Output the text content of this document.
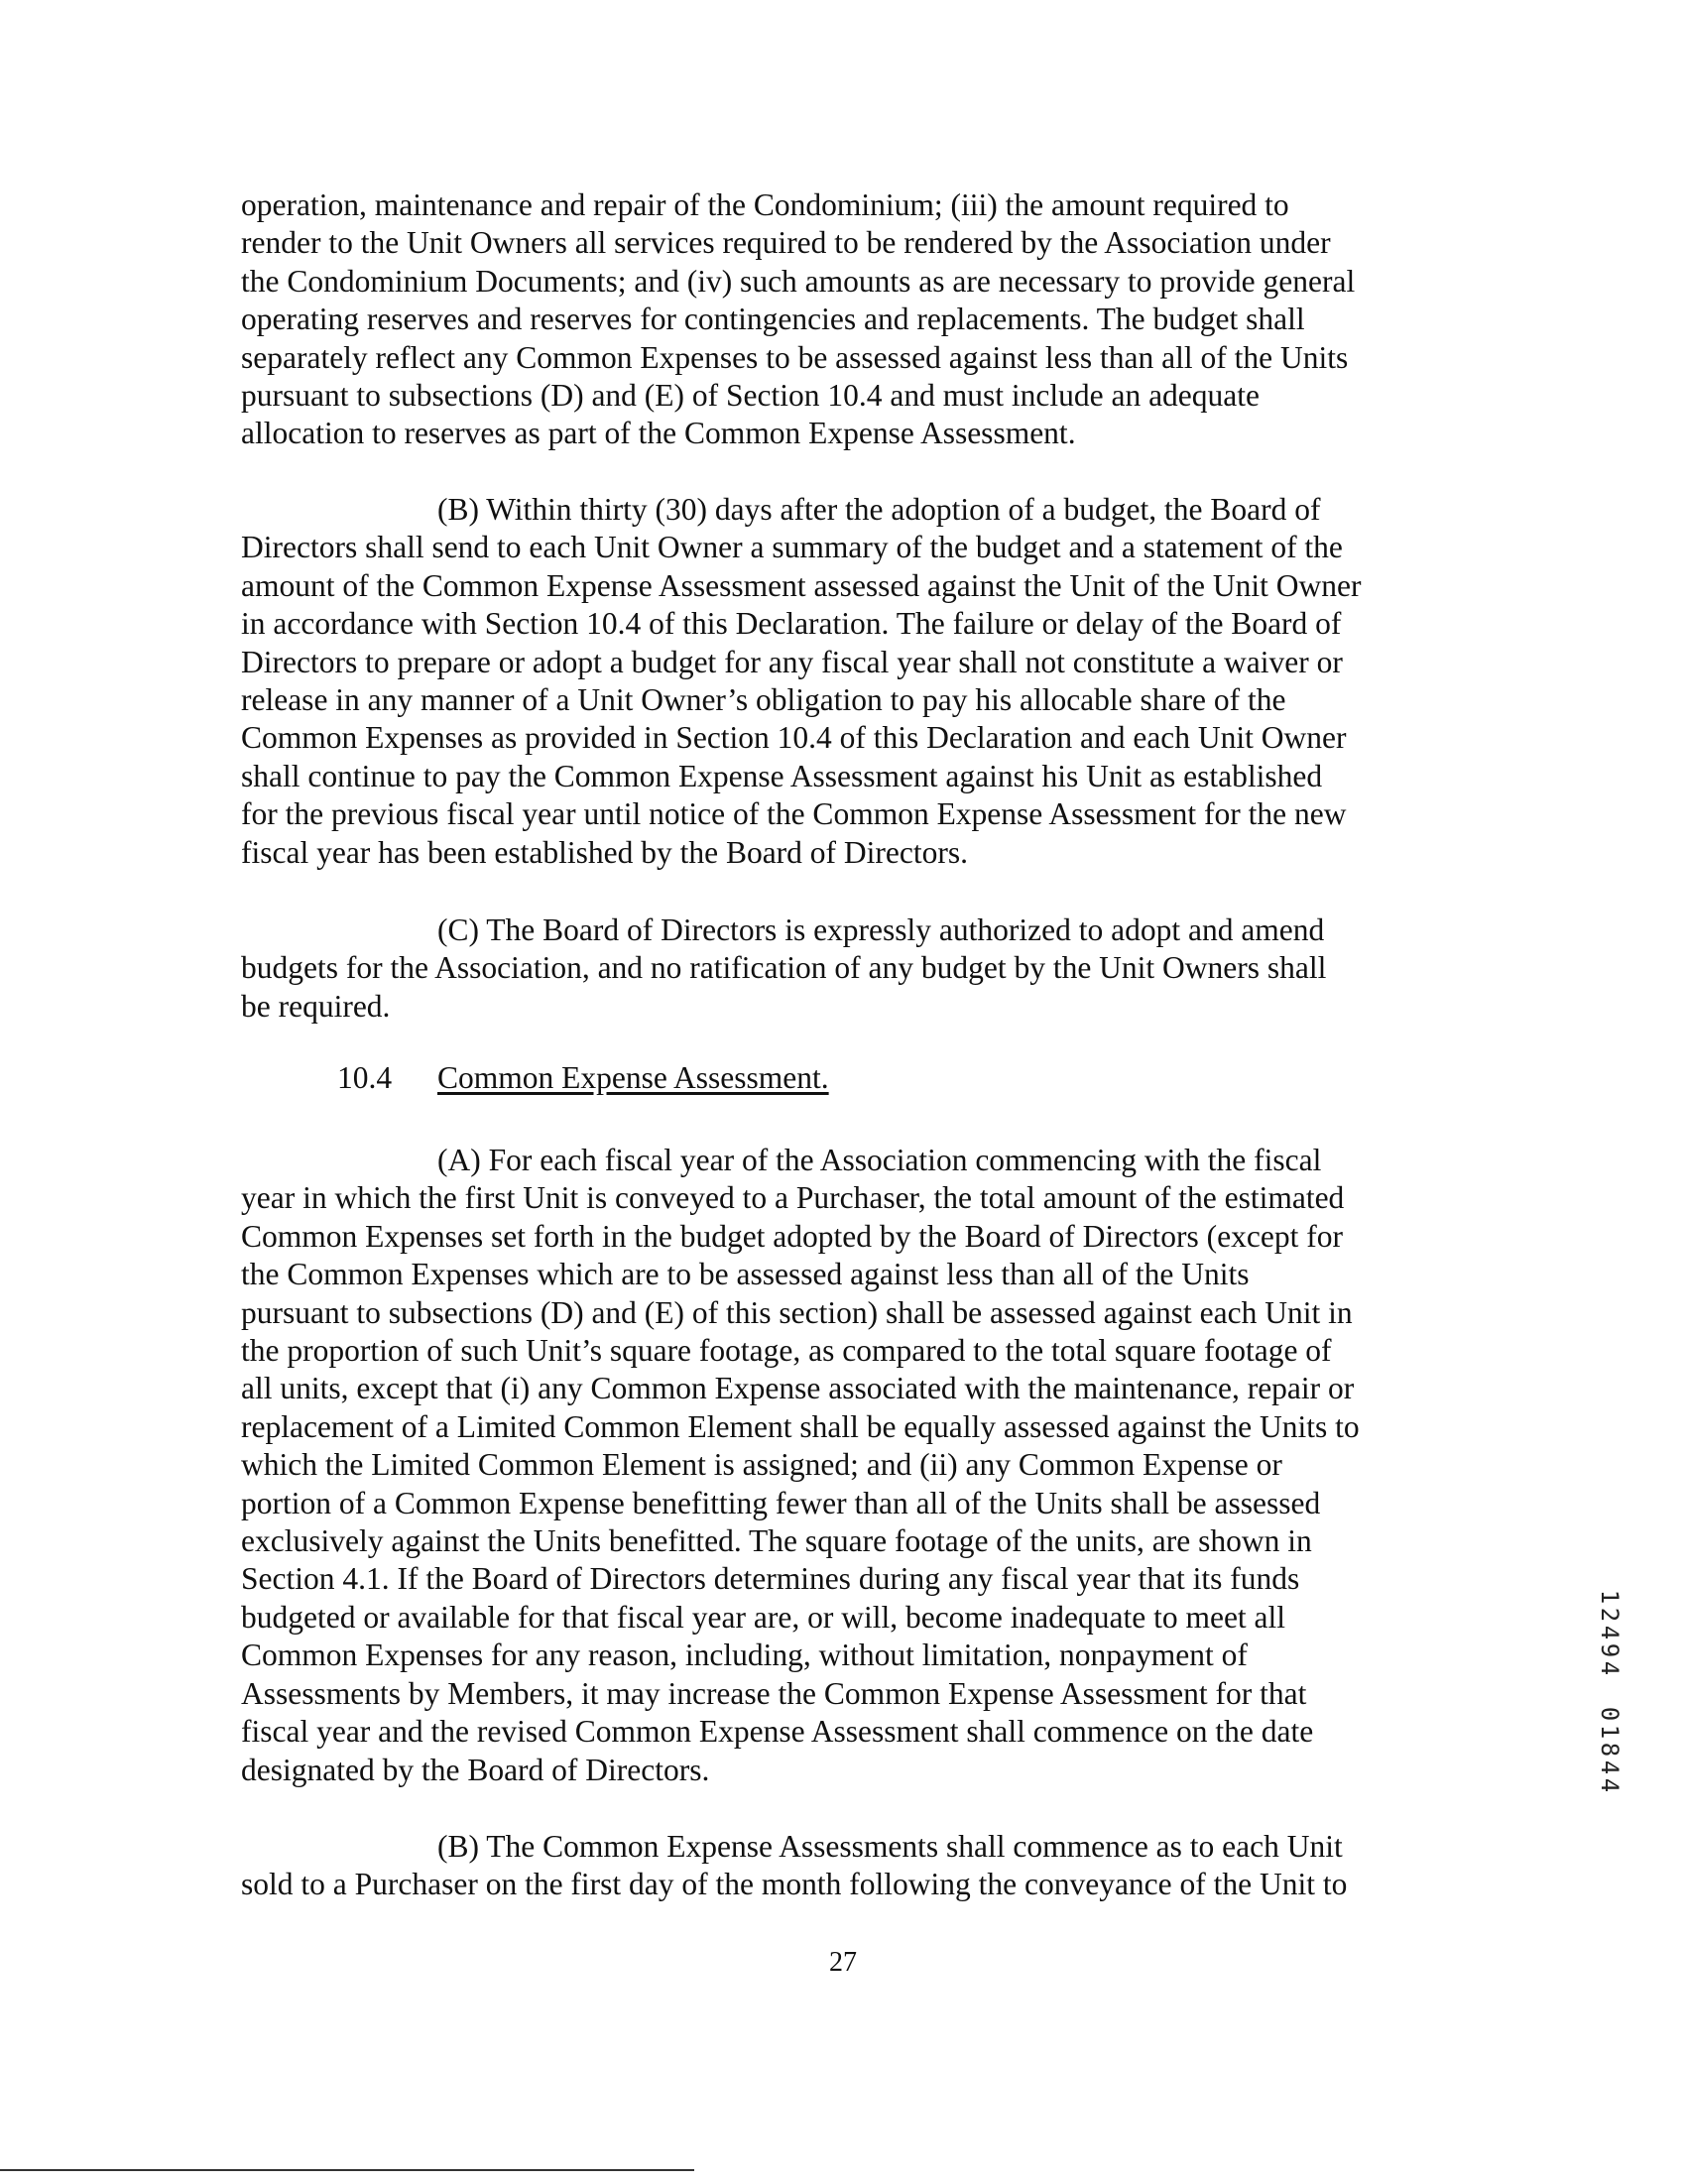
operation, maintenance and repair of the Condominium; (iii) the amount required to
render to the Unit Owners all services required to be rendered by the Association under
the Condominium Documents; and (iv) such amounts as are necessary to provide general
operating reserves and reserves for contingencies and replacements. The budget shall
separately reflect any Common Expenses to be assessed against less than all of the Units
pursuant to subsections (D) and (E) of Section 10.4 and must include an adequate
allocation to reserves as part of the Common Expense Assessment.
(B) Within thirty (30) days after the adoption of a budget, the Board of
Directors shall send to each Unit Owner a summary of the budget and a statement of the
amount of the Common Expense Assessment assessed against the Unit of the Unit Owner
in accordance with Section 10.4 of this Declaration. The failure or delay of the Board of
Directors to prepare or adopt a budget for any fiscal year shall not constitute a waiver or
release in any manner of a Unit Owner’s obligation to pay his allocable share of the
Common Expenses as provided in Section 10.4 of this Declaration and each Unit Owner
shall continue to pay the Common Expense Assessment against his Unit as established
for the previous fiscal year until notice of the Common Expense Assessment for the new
fiscal year has been established by the Board of Directors.
(C) The Board of Directors is expressly authorized to adopt and amend
budgets for the Association, and no ratification of any budget by the Unit Owners shall
be required.
10.4 Common Expense Assessment.
(A) For each fiscal year of the Association commencing with the fiscal
year in which the first Unit is conveyed to a Purchaser, the total amount of the estimated
Common Expenses set forth in the budget adopted by the Board of Directors (except for
the Common Expenses which are to be assessed against less than all of the Units
pursuant to subsections (D) and (E) of this section) shall be assessed against each Unit in
the proportion of such Unit’s square footage, as compared to the total square footage of
all units, except that (i) any Common Expense associated with the maintenance, repair or
replacement of a Limited Common Element shall be equally assessed against the Units to
which the Limited Common Element is assigned; and (ii) any Common Expense or
portion of a Common Expense benefitting fewer than all of the Units shall be assessed
exclusively against the Units benefitted. The square footage of the units, are shown in
Section 4.1. If the Board of Directors determines during any fiscal year that its funds
budgeted or available for that fiscal year are, or will, become inadequate to meet all
Common Expenses for any reason, including, without limitation, nonpayment of
Assessments by Members, it may increase the Common Expense Assessment for that
fiscal year and the revised Common Expense Assessment shall commence on the date
designated by the Board of Directors.
(B) The Common Expense Assessments shall commence as to each Unit
sold to a Purchaser on the first day of the month following the conveyance of the Unit to
27
1
2
4
9
4
0
1
8
4
4
